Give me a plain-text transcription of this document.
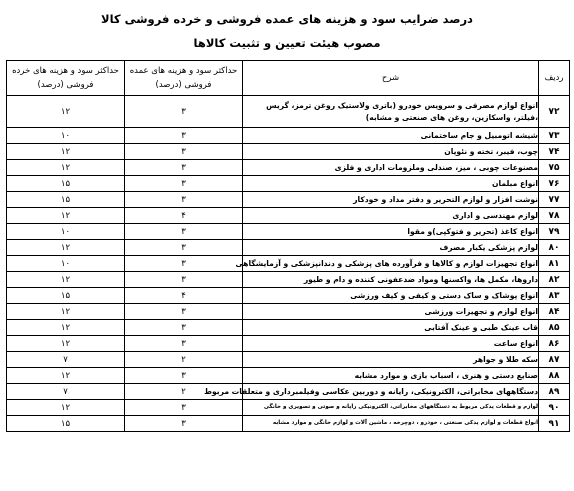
درصد ضرایب سود و هزینه های عمده فروشی و خرده فروشی کالا
مصوب هیئت تعیین و تثبیت کالاها
ردیف	شرح	حداکثر سود و هزینه های عمده فروشی (درصد)	حداکثر سود و هزینه های خرده فروشی (درصد)
۷۲	انواع لوازم مصرفی و سرویس خودرو (باتری ولاستیک روغن ترمز، گریس ،فیلتر، واسکازین، روغن های صنعتی و مشابه)	۳	۱۲
۷۳	شیشه اتومبیل و جام ساختمانی	۳	۱۰
۷۴	چوب، فیبر، تخته و نئوپان	۳	۱۲
۷۵	مصنوعات چوبی ، میز، صندلی وملزومات اداری و فلزی	۳	۱۲
۷۶	انواع مبلمان	۳	۱۵
۷۷	نوشت افزار و لوازم التحریر و دفتر مداد و خودکار	۳	۱۵
۷۸	لوازم مهندسی و اداری	۴	۱۲
۷۹	انواع کاغذ (تحریر و فتوکپی)و مقوا	۳	۱۰
۸۰	لوازم پزشکی یکبار مصرف	۳	۱۲
۸۱	انواع تجهیزات لوازم و کالاها و فرآورده های پزشکی و دندانپزشکی و آزمایشگاهی	۳	۱۰
۸۲	داروها، مکمل ها، واکسنها ومواد ضدعفونی کننده و دام و طیور	۳	۱۲
۸۳	انواع پوشاک و ساک دستی و کیفی و کیف ورزشی	۴	۱۵
۸۴	انواع لوازم و تجهیزات ورزشی	۳	۱۲
۸۵	قاب عینک طبی و عینک آفتابی	۳	۱۲
۸۶	انواع ساعت	۳	۱۲
۸۷	سکه طلا و جواهر	۲	۷
۸۸	صنایع دستی و هنری ، اسباب بازی و موارد مشابه	۳	۱۲
۸۹	دستگاههای مخابراتی، الکترونیکی، رایانه و دوربین عکاسی وفیلمبرداری و متعلقات مربوط	۲	۷
۹۰	لوازم و قطعات یدکی مربوط به دستگاههای مخابراتی، الکترونیکی رایانه و صوتی و تصویری و خانگی	۳	۱۲
۹۱	انواع قطعات و لوازم یدکی صنعتی ، خودرو ، دوچرخه ، ماشین آلات و لوازم خانگی و موارد مشابه	۳	۱۵
